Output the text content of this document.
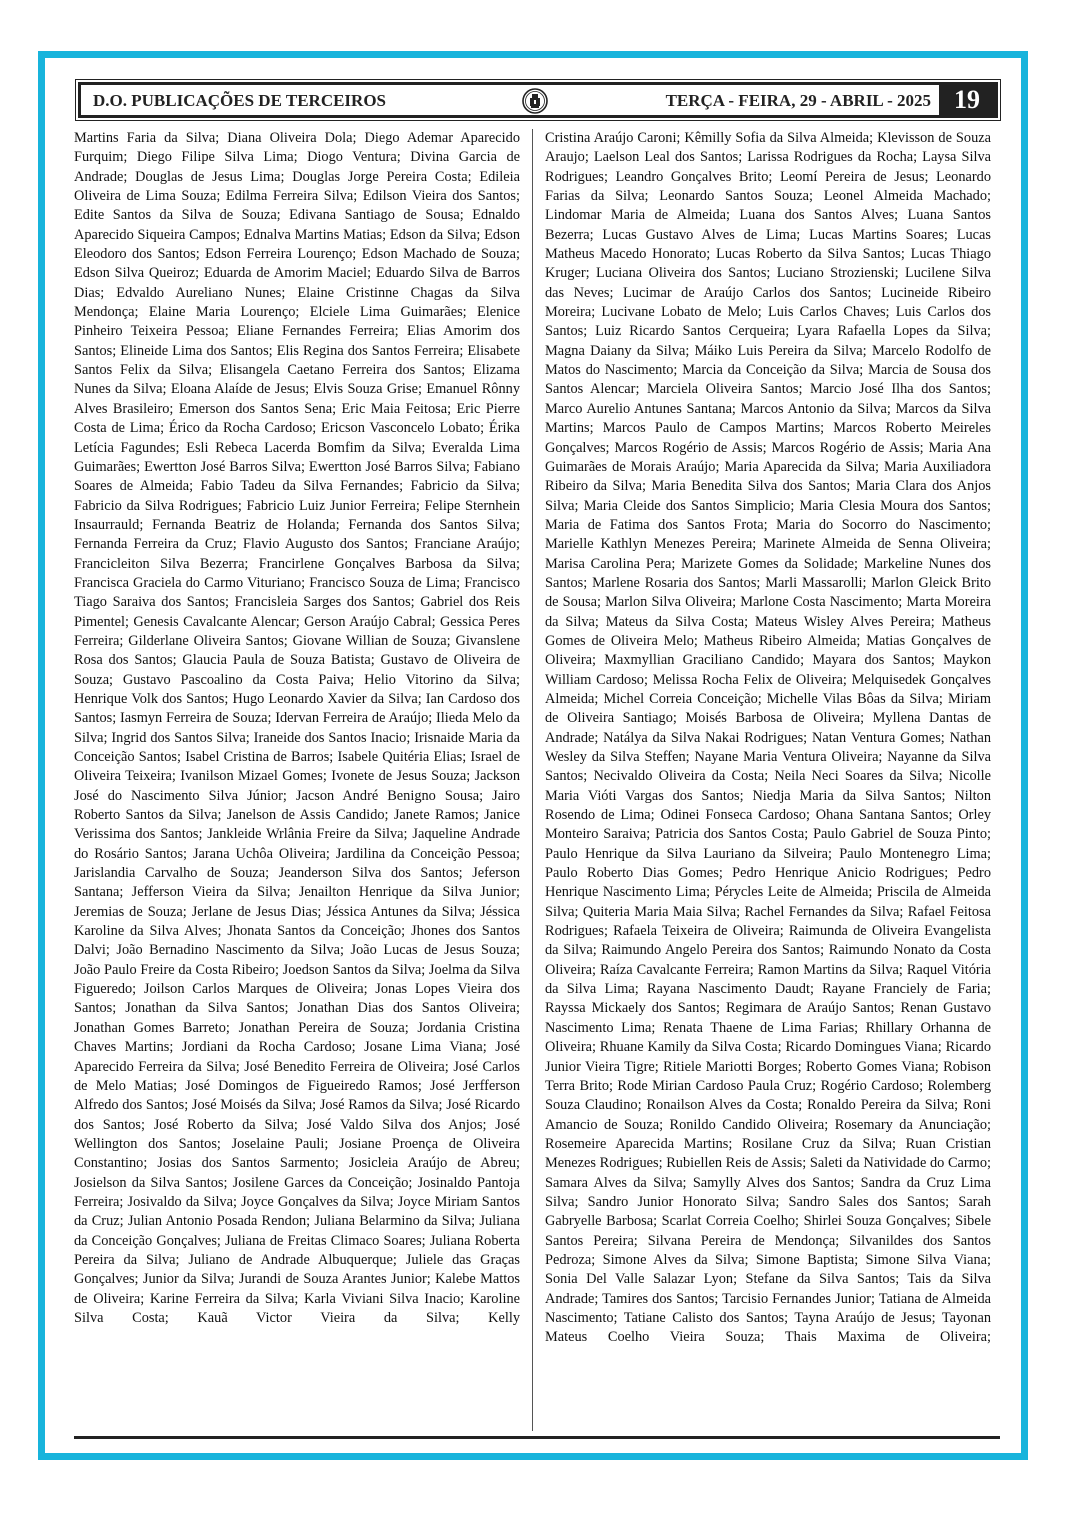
D.O. PUBLICAÇÕES DE TERCEIROS	TERÇA - FEIRA, 29 - ABRIL - 2025 19
Martins Faria da Silva; Diana Oliveira Dola; Diego Ademar Aparecido Furquim; Diego Filipe Silva Lima; Diogo Ventura; Divina Garcia de Andrade; Douglas de Jesus Lima; Douglas Jorge Pereira Costa; Edileia Oliveira de Lima Souza; Edilma Ferreira Silva; Edilson Vieira dos Santos; Edite Santos da Silva de Souza; Edivana Santiago de Sousa; Ednaldo Aparecido Siqueira Campos; Ednalva Martins Matias; Edson da Silva; Edson Eleodoro dos Santos; Edson Ferreira Lourenço; Edson Machado de Souza; Edson Silva Queiroz; Eduarda de Amorim Maciel; Eduardo Silva de Barros Dias; Edvaldo Aureliano Nunes; Elaine Cristinne Chagas da Silva Mendonça; Elaine Maria Lourenço; Elciele Lima Guimarães; Elenice Pinheiro Teixeira Pessoa; Eliane Fernandes Ferreira; Elias Amorim dos Santos; Elineide Lima dos Santos; Elis Regina dos Santos Ferreira; Elisabete Santos Felix da Silva; Elisangela Caetano Ferreira dos Santos; Elizama Nunes da Silva; Eloana Alaíde de Jesus; Elvis Souza Grise; Emanuel Rônny Alves Brasileiro; Emerson dos Santos Sena; Eric Maia Feitosa; Eric Pierre Costa de Lima; Érico da Rocha Cardoso; Ericson Vasconcelo Lobato; Érika Letícia Fagundes; Esli Rebeca Lacerda Bomfim da Silva; Everalda Lima Guimarães; Ewertton José Barros Silva; Ewertton José Barros Silva; Fabiano Soares de Almeida; Fabio Tadeu da Silva Fernandes; Fabricio da Silva; Fabricio da Silva Rodrigues; Fabricio Luiz Junior Ferreira; Felipe Sternhein Insaurrauld; Fernanda Beatriz de Holanda; Fernanda dos Santos Silva; Fernanda Ferreira da Cruz; Flavio Augusto dos Santos; Franciane Araújo; Francicleiton Silva Bezerra; Francirlene Gonçalves Barbosa da Silva; Francisca Graciela do Carmo Vituriano; Francisco Souza de Lima; Francisco Tiago Saraiva dos Santos; Francisleia Sarges dos Santos; Gabriel dos Reis Pimentel; Genesis Cavalcante Alencar; Gerson Araújo Cabral; Gessica Peres Ferreira; Gilderlane Oliveira Santos; Giovane Willian de Souza; Givanslene Rosa dos Santos; Glaucia Paula de Souza Batista; Gustavo de Oliveira de Souza; Gustavo Pascoalino da Costa Paiva; Helio Vitorino da Silva; Henrique Volk dos Santos; Hugo Leonardo Xavier da Silva; Ian Cardoso dos Santos; Iasmyn Ferreira de Souza; Idervan Ferreira de Araújo; Ilieda Melo da Silva; Ingrid dos Santos Silva; Iraneide dos Santos Inacio; Irisnaide Maria da Conceição Santos; Isabel Cristina de Barros; Isabele Quitéria Elias; Israel de Oliveira Teixeira; Ivanilson Mizael Gomes; Ivonete de Jesus Souza; Jackson José do Nascimento Silva Júnior; Jacson André Benigno Sousa; Jairo Roberto Santos da Silva; Janelson de Assis Candido; Janete Ramos; Janice Verissima dos Santos; Jankleide Wrlânia Freire da Silva; Jaqueline Andrade do Rosário Santos; Jarana Uchôa Oliveira; Jardilina da Conceição Pessoa; Jarislandia Carvalho de Souza; Jeanderson Silva dos Santos; Jeferson Santana; Jefferson Vieira da Silva; Jenailton Henrique da Silva Junior; Jeremias de Souza; Jerlane de Jesus Dias; Jéssica Antunes da Silva; Jéssica Karoline da Silva Alves; Jhonata Santos da Conceição; Jhones dos Santos Dalvi; João Bernadino Nascimento da Silva; João Lucas de Jesus Souza; João Paulo Freire da Costa Ribeiro; Joedson Santos da Silva; Joelma da Silva Figueredo; Joilson Carlos Marques de Oliveira; Jonas Lopes Vieira dos Santos; Jonathan da Silva Santos; Jonathan Dias dos Santos Oliveira; Jonathan Gomes Barreto; Jonathan Pereira de Souza; Jordania Cristina Chaves Martins; Jordiani da Rocha Cardoso; Josane Lima Viana; José Aparecido Ferreira da Silva; José Benedito Ferreira de Oliveira; José Carlos de Melo Matias; José Domingos de Figueiredo Ramos; José Jerfferson Alfredo dos Santos; José Moisés da Silva; José Ramos da Silva; José Ricardo dos Santos; José Roberto da Silva; José Valdo Silva dos Anjos; José Wellington dos Santos; Joselaine Pauli; Josiane Proença de Oliveira Constantino; Josias dos Santos Sarmento; Josicleia Araújo de Abreu; Josielson da Silva Santos; Josilene Garces da Conceição; Josinaldo Pantoja Ferreira; Josivaldo da Silva; Joyce Gonçalves da Silva; Joyce Miriam Santos da Cruz; Julian Antonio Posada Rendon; Juliana Belarmino da Silva; Juliana da Conceição Gonçalves; Juliana de Freitas Climaco Soares; Juliana Roberta Pereira da Silva; Juliano de Andrade Albuquerque; Juliele das Graças Gonçalves; Junior da Silva; Jurandi de Souza Arantes Junior; Kalebe Mattos de Oliveira; Karine Ferreira da Silva; Karla Viviani Silva Inacio; Karoline Silva Costa; Kauã Victor Vieira da Silva; Kelly
Cristina Araújo Caroni; Kêmilly Sofia da Silva Almeida; Klevisson de Souza Araujo; Laelson Leal dos Santos; Larissa Rodrigues da Rocha; Laysa Silva Rodrigues; Leandro Gonçalves Brito; Leomí Pereira de Jesus; Leonardo Farias da Silva; Leonardo Santos Souza; Leonel Almeida Machado; Lindomar Maria de Almeida; Luana dos Santos Alves; Luana Santos Bezerra; Lucas Gustavo Alves de Lima; Lucas Martins Soares; Lucas Matheus Macedo Honorato; Lucas Roberto da Silva Santos; Lucas Thiago Kruger; Luciana Oliveira dos Santos; Luciano Strozienski; Lucilene Silva das Neves; Lucimar de Araújo Carlos dos Santos; Lucineide Ribeiro Moreira; Lucivane Lobato de Melo; Luis Carlos Chaves; Luis Carlos dos Santos; Luiz Ricardo Santos Cerqueira; Lyara Rafaella Lopes da Silva; Magna Daiany da Silva; Máiko Luis Pereira da Silva; Marcelo Rodolfo de Matos do Nascimento; Marcia da Conceição da Silva; Marcia de Sousa dos Santos Alencar; Marciela Oliveira Santos; Marcio José Ilha dos Santos; Marco Aurelio Antunes Santana; Marcos Antonio da Silva; Marcos da Silva Martins; Marcos Paulo de Campos Martins; Marcos Roberto Meireles Gonçalves; Marcos Rogério de Assis; Marcos Rogério de Assis; Maria Ana Guimarães de Morais Araújo; Maria Aparecida da Silva; Maria Auxiliadora Ribeiro da Silva; Maria Benedita Silva dos Santos; Maria Clara dos Anjos Silva; Maria Cleide dos Santos Simplicio; Maria Clesia Moura dos Santos; Maria de Fatima dos Santos Frota; Maria do Socorro do Nascimento; Marielle Kathlyn Menezes Pereira; Marinete Almeida de Senna Oliveira; Marisa Carolina Pera; Marizete Gomes da Solidade; Markeline Nunes dos Santos; Marlene Rosaria dos Santos; Marli Massarolli; Marlon Gleick Brito de Sousa; Marlon Silva Oliveira; Marlone Costa Nascimento; Marta Moreira da Silva; Mateus da Silva Costa; Mateus Wisley Alves Pereira; Matheus Gomes de Oliveira Melo; Matheus Ribeiro Almeida; Matias Gonçalves de Oliveira; Maxmyllian Graciliano Candido; Mayara dos Santos; Maykon William Cardoso; Melissa Rocha Felix de Oliveira; Melquisedek Gonçalves Almeida; Michel Correia Conceição; Michelle Vilas Bôas da Silva; Miriam de Oliveira Santiago; Moisés Barbosa de Oliveira; Myllena Dantas de Andrade; Natálya da Silva Nakai Rodrigues; Natan Ventura Gomes; Nathan Wesley da Silva Steffen; Nayane Maria Ventura Oliveira; Nayanne da Silva Santos; Necivaldo Oliveira da Costa; Neila Neci Soares da Silva; Nicolle Maria Vióti Vargas dos Santos; Niedja Maria da Silva Santos; Nilton Rosendo de Lima; Odinei Fonseca Cardoso; Ohana Santana Santos; Orley Monteiro Saraiva; Patricia dos Santos Costa; Paulo Gabriel de Souza Pinto; Paulo Henrique da Silva Lauriano da Silveira; Paulo Montenegro Lima; Paulo Roberto Dias Gomes; Pedro Henrique Anicio Rodrigues; Pedro Henrique Nascimento Lima; Pérycles Leite de Almeida; Priscila de Almeida Silva; Quiteria Maria Maia Silva; Rachel Fernandes da Silva; Rafael Feitosa Rodrigues; Rafaela Teixeira de Oliveira; Raimunda de Oliveira Evangelista da Silva; Raimundo Angelo Pereira dos Santos; Raimundo Nonato da Costa Oliveira; Raíza Cavalcante Ferreira; Ramon Martins da Silva; Raquel Vitória da Silva Lima; Rayana Nascimento Daudt; Rayane Franciely de Faria; Rayssa Mickaely dos Santos; Regimara de Araújo Santos; Renan Gustavo Nascimento Lima; Renata Thaene de Lima Farias; Rhillary Orhanna de Oliveira; Rhuane Kamily da Silva Costa; Ricardo Domingues Viana; Ricardo Junior Vieira Tigre; Ritiele Mariotti Borges; Roberto Gomes Viana; Robison Terra Brito; Rode Mirian Cardoso Paula Cruz; Rogério Cardoso; Rolemberg Souza Claudino; Ronailson Alves da Costa; Ronaldo Pereira da Silva; Roni Amancio de Souza; Ronildo Candido Oliveira; Rosemary da Anunciação; Rosemeire Aparecida Martins; Rosilane Cruz da Silva; Ruan Cristian Menezes Rodrigues; Rubiellen Reis de Assis; Saleti da Natividade do Carmo; Samara Alves da Silva; Samylly Alves dos Santos; Sandra da Cruz Lima Silva; Sandro Junior Honorato Silva; Sandro Sales dos Santos; Sarah Gabryelle Barbosa; Scarlat Correia Coelho; Shirlei Souza Gonçalves; Sibele Santos Pereira; Silvana Pereira de Mendonça; Silvanildes dos Santos Pedroza; Simone Alves da Silva; Simone Baptista; Simone Silva Viana; Sonia Del Valle Salazar Lyon; Stefane da Silva Santos; Tais da Silva Andrade; Tamires dos Santos; Tarcisio Fernandes Junior; Tatiana de Almeida Nascimento; Tatiane Calisto dos Santos; Tayna Araújo de Jesus; Tayonan Mateus Coelho Vieira Souza; Thais Maxima de Oliveira;
